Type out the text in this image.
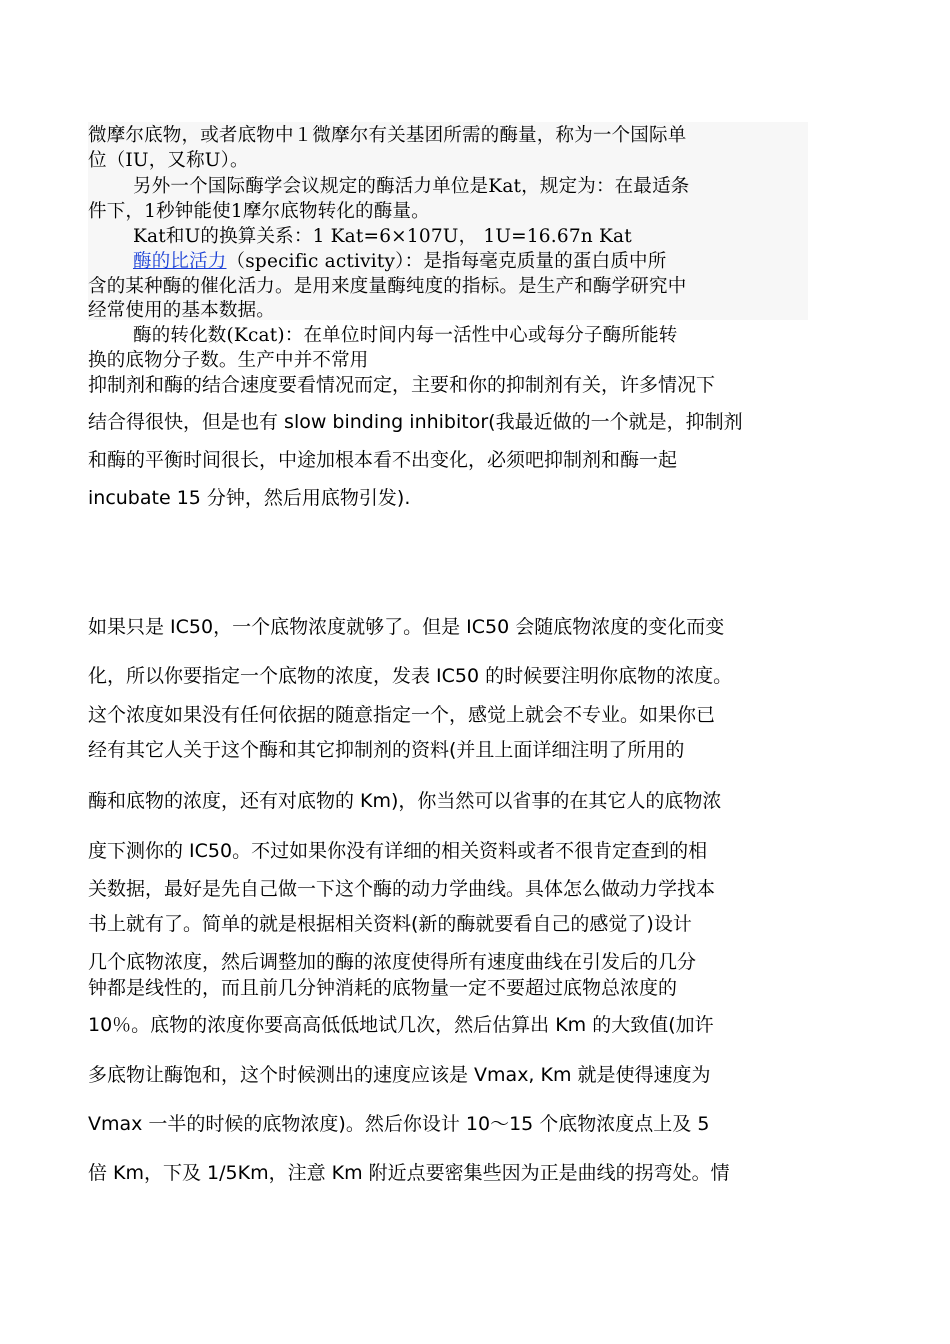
微摩尔底物，或者底物中１微摩尔有关基团所需的酶量，称为一个国际单
位（IU，又称U）。
另外一个国际酶学会议规定的酶活力单位是Kat，规定为：在最适条
件下，1秒钟能使1摩尔底物转化的酶量。
Kat和U的换算关系：1 Kat=6×107U， 1U=16.67n Kat
酶的比活力（specific activity）：是指每毫克质量的蛋白质中所
含的某种酶的催化活力。是用来度量酶纯度的指标。是生产和酶学研究中
经常使用的基本数据。
酶的转化数(Kcat)：在单位时间内每一活性中心或每分子酶所能转
换的底物分子数。生产中并不常用
抑制剂和酶的结合速度要看情况而定，主要和你的抑制剂有关，许多情况下
结合得很快，但是也有 slow binding inhibitor(我最近做的一个就是，抑制剂
和酶的平衡时间很长，中途加根本看不出变化，必须吧抑制剂和酶一起
incubate 15 分钟，然后用底物引发).
如果只是 IC50，一个底物浓度就够了。但是 IC50 会随底物浓度的变化而变
化，所以你要指定一个底物的浓度，发表 IC50 的时候要注明你底物的浓度。
这个浓度如果没有任何依据的随意指定一个，感觉上就会不专业。如果你已
经有其它人关于这个酶和其它抑制剂的资料(并且上面详细注明了所用的
酶和底物的浓度，还有对底物的 Km)，你当然可以省事的在其它人的底物浓
度下测你的 IC50。不过如果你没有详细的相关资料或者不很肯定查到的相
关数据，最好是先自己做一下这个酶的动力学曲线。具体怎么做动力学找本
书上就有了。简单的就是根据相关资料(新的酶就要看自己的感觉了)设计
几个底物浓度，然后调整加的酶的浓度使得所有速度曲线在引发后的几分
钟都是线性的，而且前几分钟消耗的底物量一定不要超过底物总浓度的
10％。底物的浓度你要高高低低地试几次，然后估算出 Km 的大致值(加许
多底物让酶饱和，这个时候测出的速度应该是 Vmax, Km 就是使得速度为
Vmax 一半的时候的底物浓度)。然后你设计 10～15 个底物浓度点上及 5
倍 Km，下及 1/5Km，注意 Km 附近点要密集些因为正是曲线的拐弯处。情
